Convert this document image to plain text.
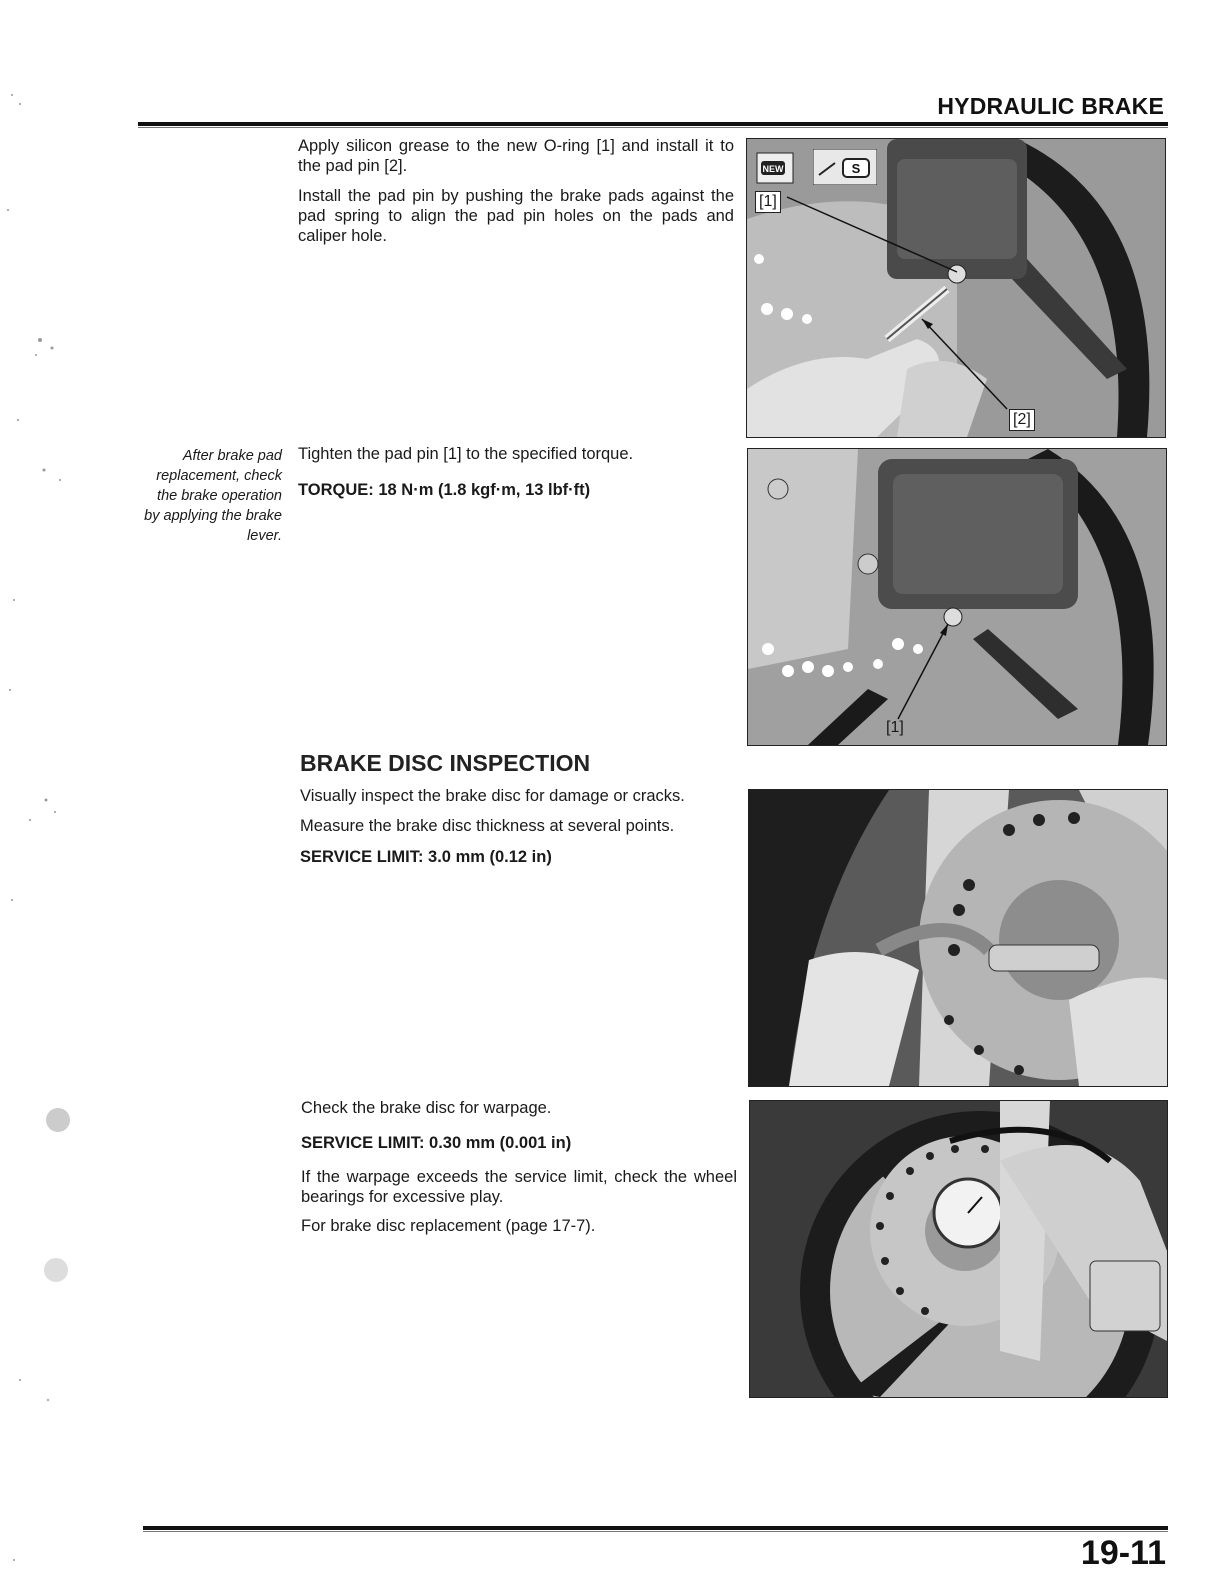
HYDRAULIC BRAKE

Apply silicon grease to the new O-ring [1] and install it to the pad pin [2].

Install the pad pin by pushing the brake pads against the pad spring to align the pad pin holes on the pads and caliper hole.

NEW	S
[1]
[2]
After brake pad replacement, check the brake operation by applying the brake lever.

Tighten the pad pin [1] to the specified torque.

TORQUE: 18 N·m (1.8 kgf·m, 13 lbf·ft)

[1]
BRAKE DISC INSPECTION

Visually inspect the brake disc for damage or cracks.

Measure the brake disc thickness at several points.

SERVICE LIMIT: 3.0 mm (0.12 in)

Check the brake disc for warpage.

SERVICE LIMIT: 0.30 mm (0.001 in)

If the warpage exceeds the service limit, check the wheel bearings for excessive play.

For brake disc replacement (page 17-7).

19-11
